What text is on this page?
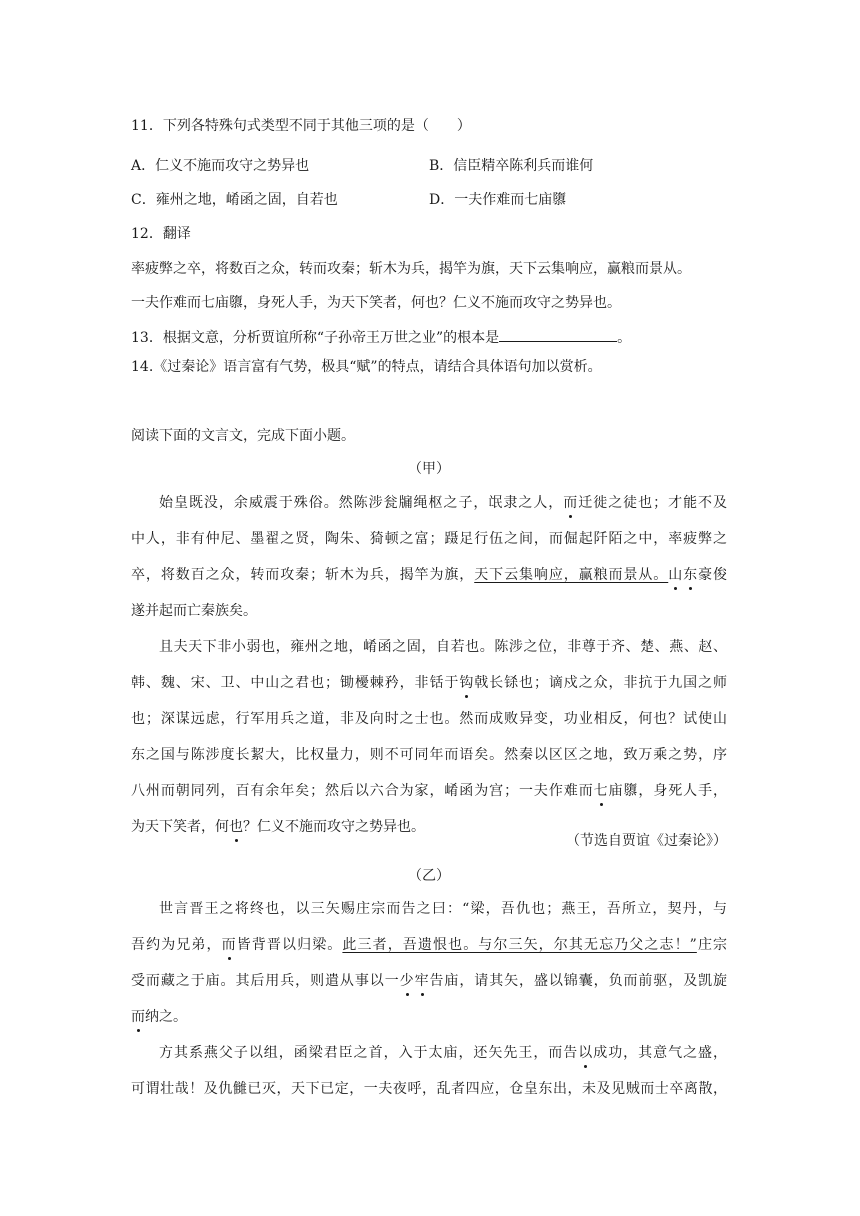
11．下列各特殊句式类型不同于其他三项的是（　　）
A．仁义不施而攻守之势异也	B．信臣精卒陈利兵而谁何
C．雍州之地，崤函之固，自若也	D．一夫作难而七庙隳
12．翻译
率疲弊之卒，将数百之众，转而攻秦；斩木为兵，揭竿为旗，天下云集响应，赢粮而景从。
一夫作难而七庙隳，身死人手，为天下笑者，何也？仁义不施而攻守之势异也。
13．根据文意，分析贾谊所称“子孙帝王万世之业”的根本是	。
14.《过秦论》语言富有气势，极具“赋”的特点，请结合具体语句加以赏析。
阅读下面的文言文，完成下面小题。
（甲）
始皇既没，余威震于殊俗。然陈涉瓮牖绳枢之子，氓隶之人，而迁徙之徒也；才能不及
中人，非有仲尼、墨翟之贤，陶朱、猗顿之富；蹑足行伍之间，而倔起阡陌之中，率疲弊之
卒，将数百之众，转而攻秦；斩木为兵，揭竿为旗，天下云集响应，赢粮而景从。山东豪俊
遂并起而亡秦族矣。
且夫天下非小弱也，雍州之地，崤函之固，自若也。陈涉之位，非尊于齐、楚、燕、赵、
韩、魏、宋、卫、中山之君也；锄櫌棘矜，非铦于钩戟长铩也；谪戍之众，非抗于九国之师
也；深谋远虑，行军用兵之道，非及向时之士也。然而成败异变，功业相反，何也？试使山
东之国与陈涉度长絜大，比权量力，则不可同年而语矣。然秦以区区之地，致万乘之势，序
八州而朝同列，百有余年矣；然后以六合为家，崤函为宫；一夫作难而七庙隳，身死人手，
为天下笑者，何也？仁义不施而攻守之势异也。
（节选自贾谊《过秦论》）
（乙）
世言晋王之将终也，以三矢赐庄宗而告之曰：“梁，吾仇也；燕王，吾所立，契丹，与
吾约为兄弟，而皆背晋以归梁。此三者，吾遗恨也。与尔三矢，尔其无忘乃父之志！”庄宗
受而藏之于庙。其后用兵，则遣从事以一少牢告庙，请其矢，盛以锦囊，负而前驱，及凯旋
而纳之。
方其系燕父子以组，函梁君臣之首，入于太庙，还矢先王，而告以成功，其意气之盛，
可谓壮哉！及仇雠已灭，天下已定，一夫夜呼，乱者四应，仓皇东出，未及见贼而士卒离散，
